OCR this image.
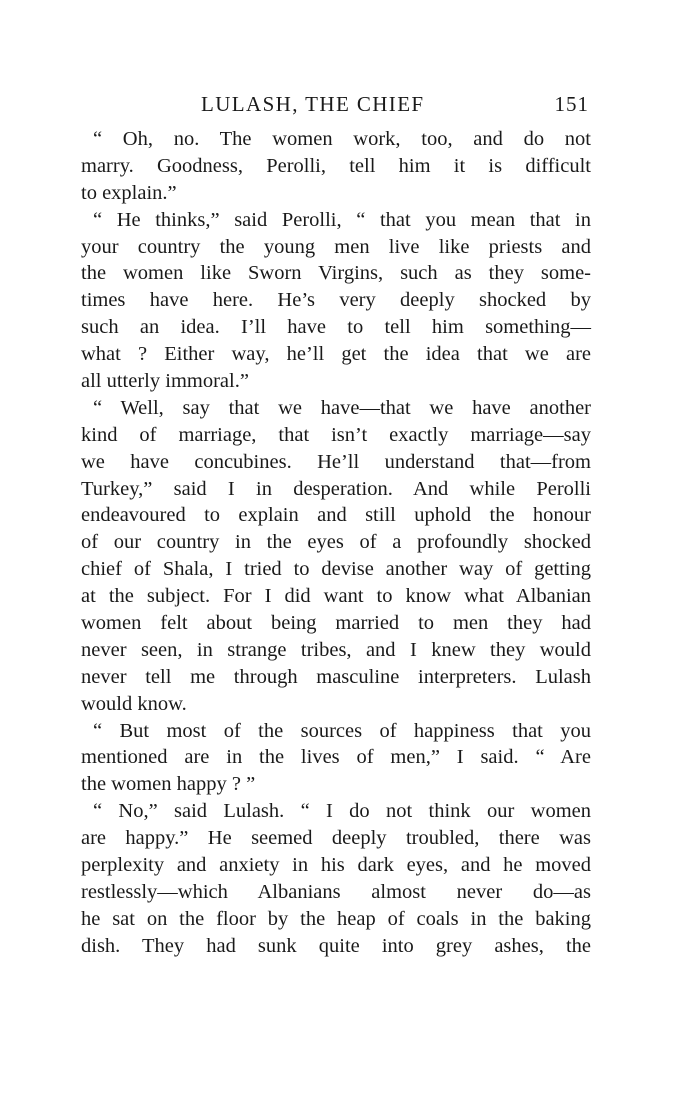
LULASH, THE CHIEF	151
“ Oh, no. The women work, too, and do not
marry. Goodness, Perolli, tell him it is difficult
to explain.”
“ He thinks,” said Perolli, “ that you mean that in
your country the young men live like priests and
the women like Sworn Virgins, such as they some-
times have here. He’s very deeply shocked by
such an idea. I’ll have to tell him something—
what ? Either way, he’ll get the idea that we are
all utterly immoral.”
“ Well, say that we have—that we have another
kind of marriage, that isn’t exactly marriage—say
we have concubines. He’ll understand that—from
Turkey,” said I in desperation. And while Perolli
endeavoured to explain and still uphold the honour
of our country in the eyes of a profoundly shocked
chief of Shala, I tried to devise another way of getting
at the subject. For I did want to know what Albanian
women felt about being married to men they had
never seen, in strange tribes, and I knew they would
never tell me through masculine interpreters. Lulash
would know.
“ But most of the sources of happiness that you
mentioned are in the lives of men,” I said. “ Are
the women happy ? ”
“ No,” said Lulash. “ I do not think our women
are happy.” He seemed deeply troubled, there was
perplexity and anxiety in his dark eyes, and he moved
restlessly—which Albanians almost never do—as
he sat on the floor by the heap of coals in the baking
dish. They had sunk quite into grey ashes, the
